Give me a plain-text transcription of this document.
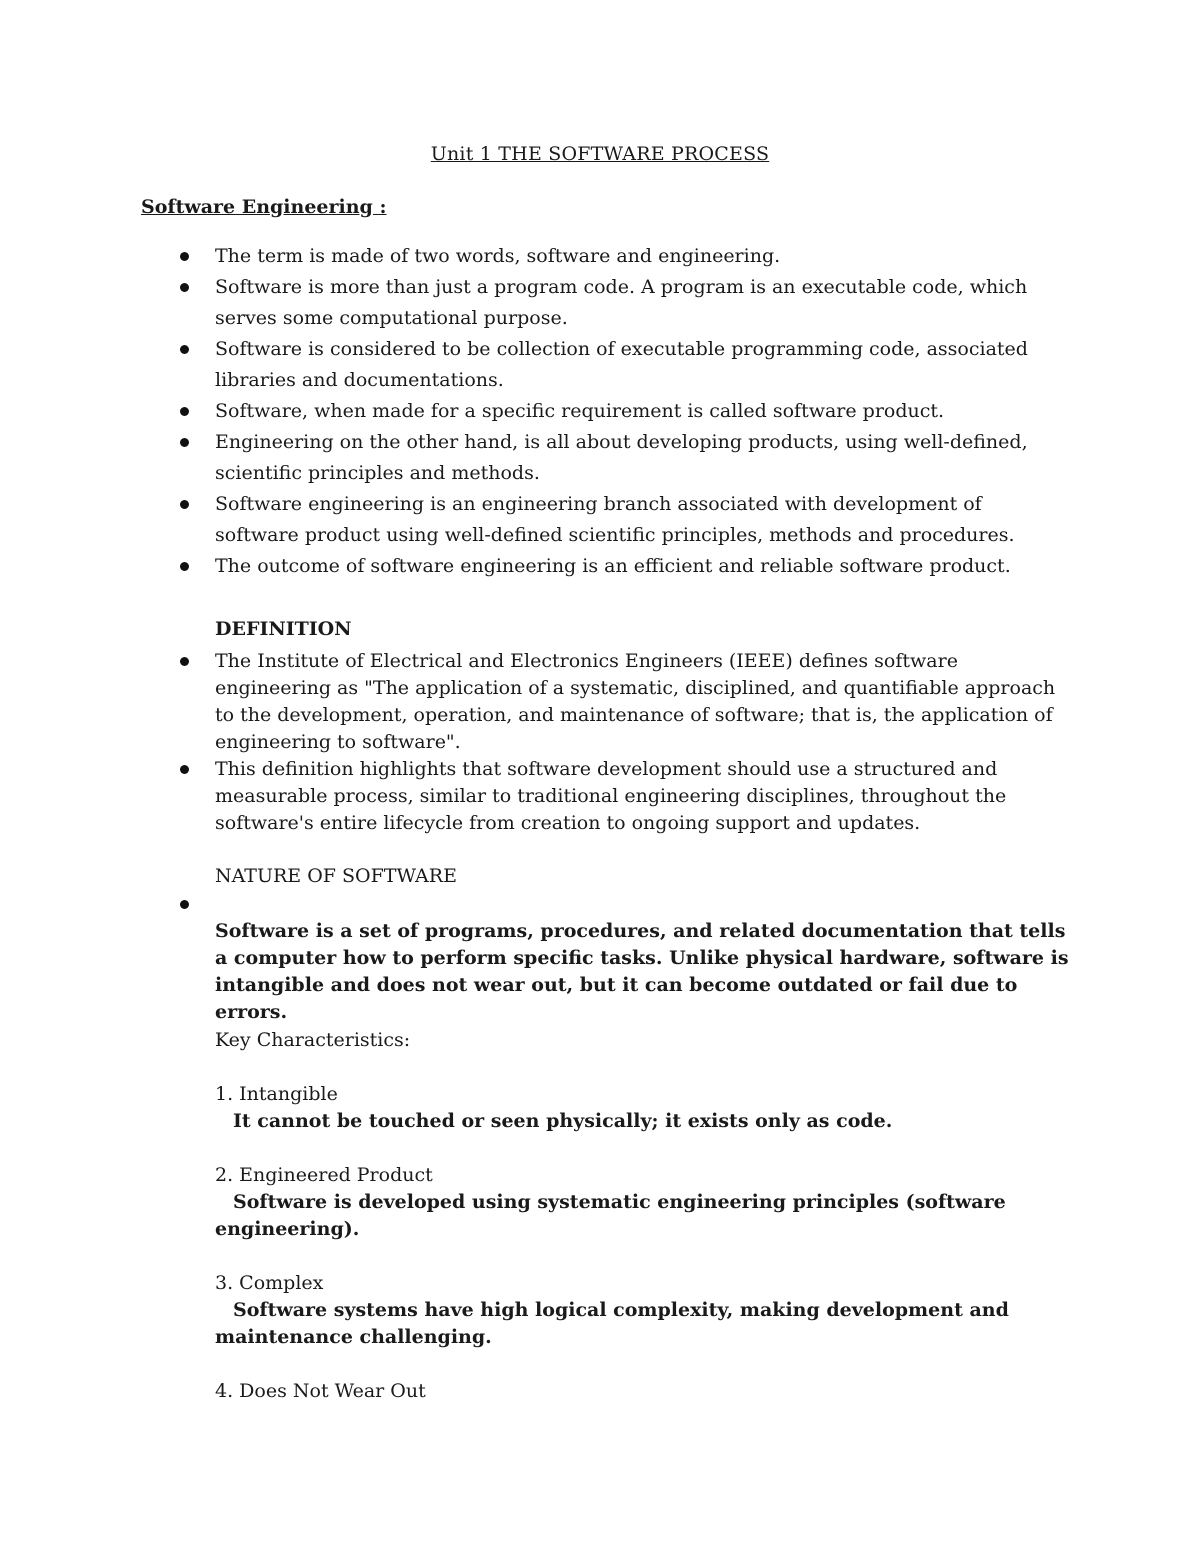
Unit 1 THE SOFTWARE PROCESS
Software Engineering :
The term is made of two words, software and engineering.
Software is more than just a program code. A program is an executable code, which serves some computational purpose.
Software is considered to be collection of executable programming code, associated libraries and documentations.
Software, when made for a specific requirement is called software product.
Engineering on the other hand, is all about developing products, using well-defined, scientific principles and methods.
Software engineering is an engineering branch associated with development of software product using well-defined scientific principles, methods and procedures.
The outcome of software engineering is an efficient and reliable software product.
DEFINITION
The Institute of Electrical and Electronics Engineers (IEEE) defines software engineering as "The application of a systematic, disciplined, and quantifiable approach to the development, operation, and maintenance of software; that is, the application of engineering to software".
This definition highlights that software development should use a structured and measurable process, similar to traditional engineering disciplines, throughout the software's entire lifecycle from creation to ongoing support and updates.
NATURE OF SOFTWARE
Software is a set of programs, procedures, and related documentation that tells a computer how to perform specific tasks. Unlike physical hardware, software is intangible and does not wear out, but it can become outdated or fail due to errors.
Key Characteristics:
1. Intangible
It cannot be touched or seen physically; it exists only as code.
2. Engineered Product
Software is developed using systematic engineering principles (software engineering).
3. Complex
Software systems have high logical complexity, making development and maintenance challenging.
4. Does Not Wear Out
